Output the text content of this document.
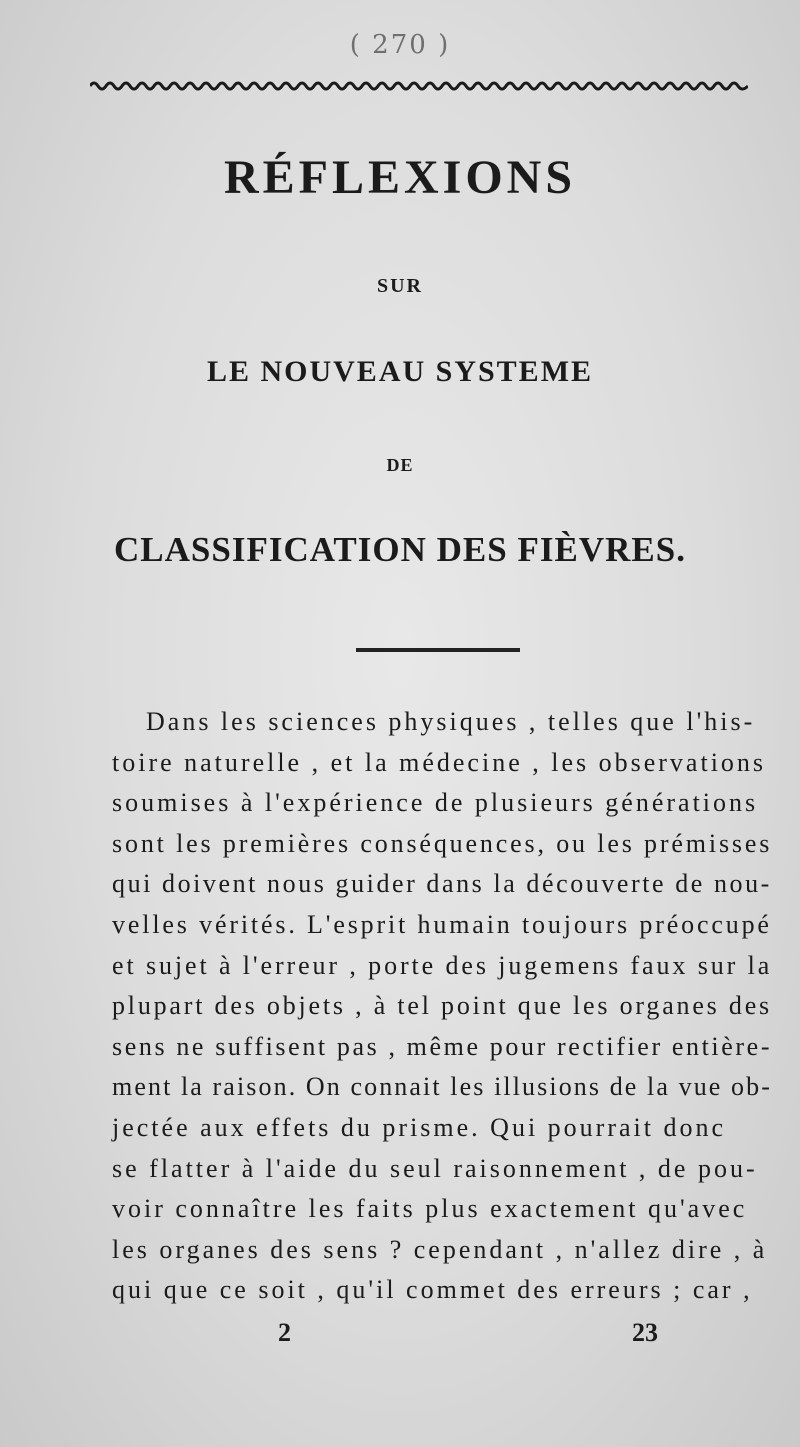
( 270 )
RÉFLEXIONS
SUR
LE NOUVEAU SYSTEME
DE
CLASSIFICATION DES FIÈVRES.
Dans les sciences physiques , telles que l'his-
toire naturelle , et la médecine , les observations
soumises à l'expérience de plusieurs générations
sont les premières conséquences, ou les prémisses
qui doivent nous guider dans la découverte de nou-
velles vérités. L'esprit humain toujours préoccupé
et sujet à l'erreur , porte des jugemens faux sur la
plupart des objets , à tel point que les organes des
sens ne suffisent pas , même pour rectifier entière-
ment la raison. On connait les illusions de la vue ob-
jectée aux effets du prisme. Qui pourrait donc
se flatter à l'aide du seul raisonnement , de pou-
voir connaître les faits plus exactement qu'avec
les organes des sens ? cependant , n'allez dire , à
qui que ce soit , qu'il commet des erreurs ; car ,
2	23
